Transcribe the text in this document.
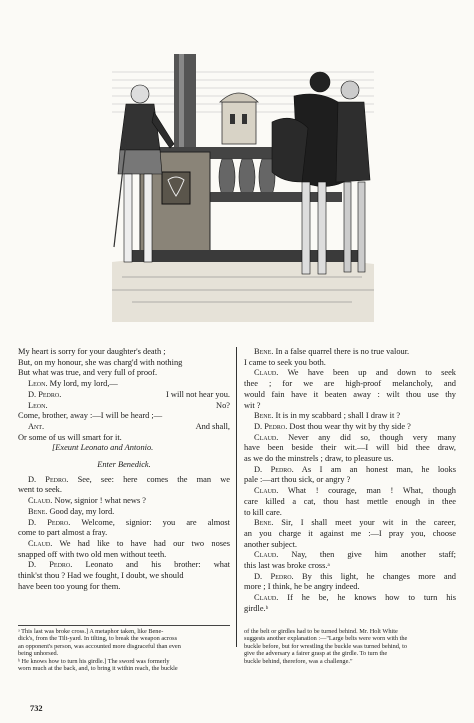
My heart is sorry for your daughter's death ;
But, on my honour, she was charg'd with nothing
But what was true, and very full of proof.
Leon. My lord, my lord,—
D. Pedro.	I will not hear you.
Leon.	No?
Come, brother, away :—I will be heard ;—
Ant.	And shall,
Or some of us will smart for it.
[Exeunt Leonato and Antonio.
Enter Benedick.
D. Pedro. See, see: here comes the man we
went to seek.
Claud. Now, signior ! what news ?
Bene. Good day, my lord.
D. Pedro. Welcome, signior: you are almost
come to part almost a fray.
Claud. We had like to have had our two noses
snapped off with two old men without teeth.
D. Pedro. Leonato and his brother: what
think'st thou ? Had we fought, I doubt, we should
have been too young for them.
Bene. In a false quarrel there is no true valour.
I came to seek you both.
Claud. We have been up and down to seek
thee ; for we are high-proof melancholy, and
would fain have it beaten away : wilt thou use thy
wit ?
Bene. It is in my scabbard ; shall I draw it ?
D. Pedro. Dost thou wear thy wit by thy side ?
Claud. Never any did so, though very many
have been beside their wit.—I will bid thee draw,
as we do the minstrels ; draw, to pleasure us.
D. Pedro. As I am an honest man, he looks
pale :—art thou sick, or angry ?
Claud. What ! courage, man ! What, though
care killed a cat, thou hast mettle enough in thee
to kill care.
Bene. Sir, I shall meet your wit in the career,
an you charge it against me :—I pray you, choose
another subject.
Claud. Nay, then give him another staff;
this last was broke cross.ᵃ
D. Pedro. By this light, he changes more and
more ; I think, he be angry indeed.
Claud. If he be, he knows how to turn his
girdle.ᵇ
ᵃ This last was broke cross.] A metaphor taken, like Bene-
dick's, from the Tilt-yard. In tilting, to break the weapon across
an opponent's person, was accounted more disgraceful than even
being unhorsed.
ᵇ He knows how to turn his girdle.] The sword was formerly
worn much at the back, and, to bring it within reach, the buckle
of the belt or girdles had to be turned behind. Mr. Holt White
suggests another explanation :—"Large belts were worn with the
buckle before, but for wrestling the buckle was turned behind, to
give the adversary a fairer grasp at the girdle. To turn the
buckle behind, therefore, was a challenge."
732
